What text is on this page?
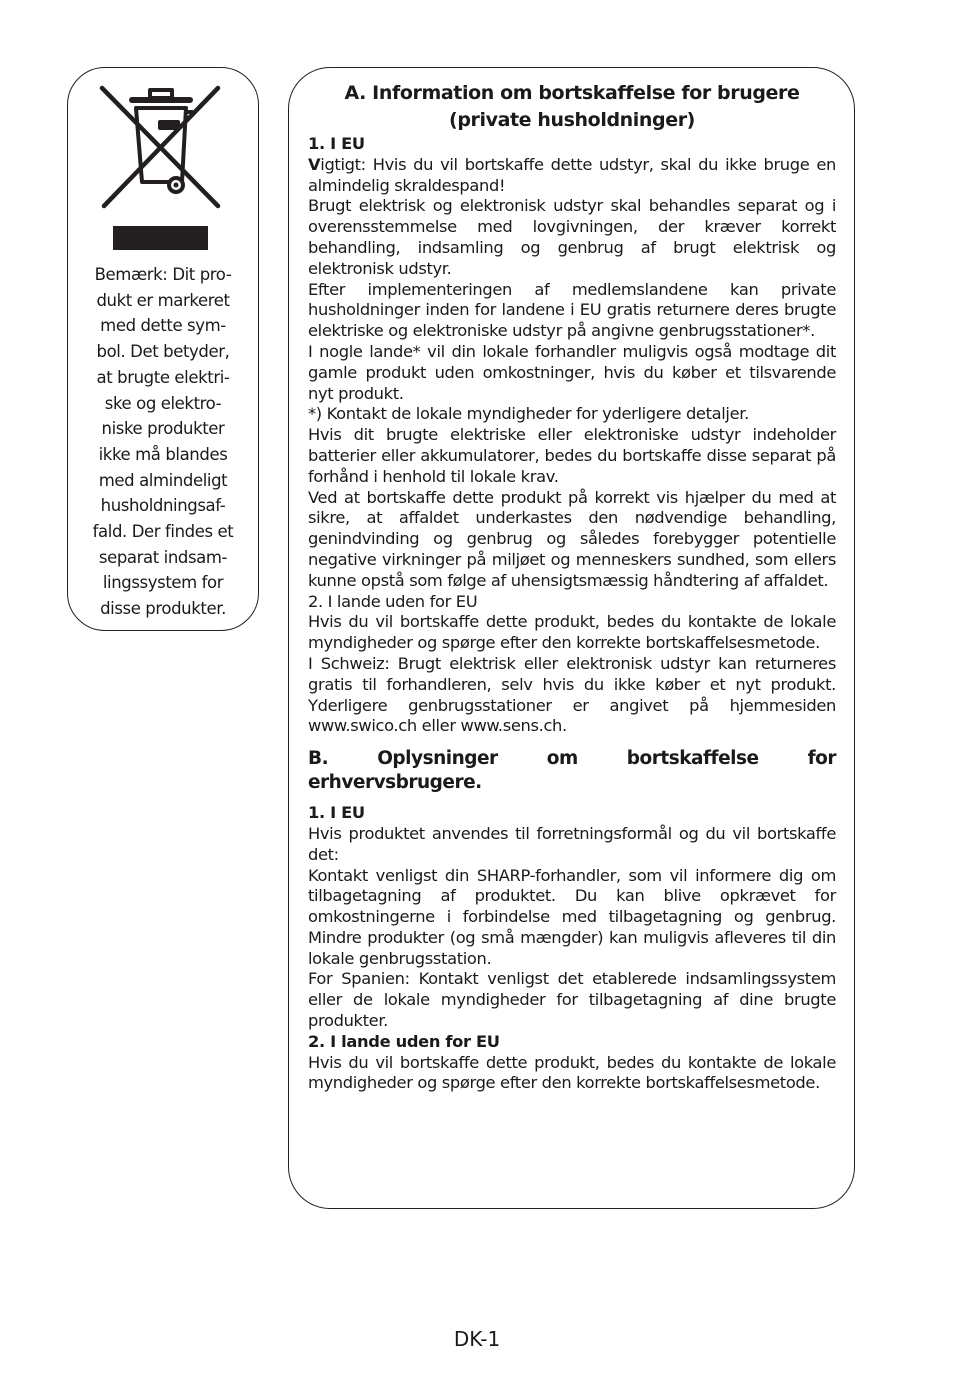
Bemærk: Dit pro-
dukt er markeret
med dette sym-
bol. Det betyder,
at brugte elektri-
ske og elektro-
niske produkter
ikke må blandes
med almindeligt
husholdningsaf-
fald. Der findes et
separat indsam-
lingssystem for
disse produkter.

A. Information om bortskaffelse for brugere
(private husholdninger)

1. I EU

Vigtigt: Hvis du vil bortskaffe dette udstyr, skal du ikke bruge en almindelig skraldespand!

Brugt elektrisk og elektronisk udstyr skal behandles separat og i overensstemmelse med lovgivningen, der kræver korrekt behandling, indsamling og genbrug af brugt elektrisk og elektronisk udstyr.

Efter implementeringen af medlemslandene kan private husholdninger inden for landene i EU gratis returnere deres brugte elektriske og elektroniske udstyr på angivne genbrugsstationer*.

I nogle lande* vil din lokale forhandler muligvis også modtage dit gamle produkt uden omkostninger, hvis du køber et tilsvarende nyt produkt.

*) Kontakt de lokale myndigheder for yderligere detaljer.

Hvis dit brugte elektriske eller elektroniske udstyr indeholder batterier eller akkumulatorer, bedes du bortskaffe disse separat på forhånd i henhold til lokale krav.

Ved at bortskaffe dette produkt på korrekt vis hjælper du med at sikre, at affaldet underkastes den nødvendige behandling, genindvinding og genbrug og således forebygger potentielle negative virkninger på miljøet og menneskers sundhed, som ellers kunne opstå som følge af uhensigtsmæssig håndtering af affaldet.

2. I lande uden for EU

Hvis du vil bortskaffe dette produkt, bedes du kontakte de lokale myndigheder og spørge efter den korrekte bortskaffelsesmetode.

I Schweiz: Brugt elektrisk eller elektronisk udstyr kan returneres gratis til forhandleren, selv hvis du ikke køber et nyt produkt. Yderligere genbrugsstationer er angivet på hjemmesiden www.swico.ch eller www.sens.ch.

B. Oplysninger om bortskaffelse for erhvervsbrugere.

1. I EU

Hvis produktet anvendes til forretningsformål og du vil bortskaffe det:

Kontakt venligst din SHARP-forhandler, som vil informere dig om tilbagetagning af produktet. Du kan blive opkrævet for omkostningerne i forbindelse med tilbagetagning og genbrug. Mindre produkter (og små mængder) kan muligvis afleveres til din lokale genbrugsstation.

For Spanien: Kontakt venligst det etablerede indsamlingssystem eller de lokale myndigheder for tilbagetagning af dine brugte produkter.

2. I lande uden for EU

Hvis du vil bortskaffe dette produkt, bedes du kontakte de lokale myndigheder og spørge efter den korrekte bortskaffelsesmetode.

DK-1
